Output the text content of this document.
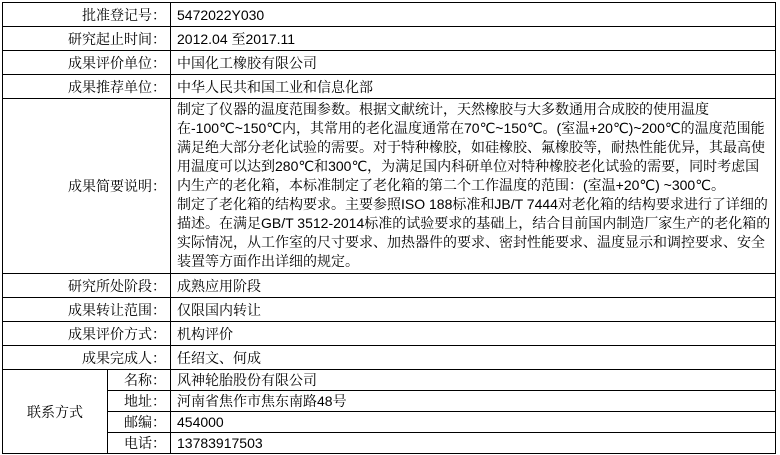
批准登记号：		5472022Y030
研究起止时间：		2012.04 至2017.11
成果评价单位：		中国化工橡胶有限公司
成果推荐单位：		中华人民共和国工业和信息化部
成果简要说明：		制定了仪器的温度范围参数。根据文献统计，天然橡胶与大多数通用合成胶的使用温度在-100℃~150℃内，其常用的老化温度通常在70℃~150℃。(室温+20℃)~200℃的温度范围能满足绝大部分老化试验的需要。对于特种橡胶，如硅橡胶、氟橡胶等，耐热性能优异，其最高使用温度可以达到280℃和300℃，为满足国内科研单位对特种橡胶老化试验的需要，同时考虑国内生产的老化箱，本标准制定了老化箱的第二个工作温度的范围：(室温+20℃) ~300℃。
制定了老化箱的结构要求。主要参照ISO 188标准和JB/T 7444对老化箱的结构要求进行了详细的描述。在满足GB/T 3512-2014标准的试验要求的基础上，结合目前国内制造厂家生产的老化箱的实际情况，从工作室的尺寸要求、加热器件的要求、密封性能要求、温度显示和调控要求、安全装置等方面作出详细的规定。

研究所处阶段：		成熟应用阶段
成果转让范围：		仅限国内转让
成果评价方式：		机构评价
成果完成人：		任绍文、何成
联系方式	名称：	风神轮胎股份有限公司
	地址：	河南省焦作市焦东南路48号
	邮编：	454000
	电话：	13783917503
